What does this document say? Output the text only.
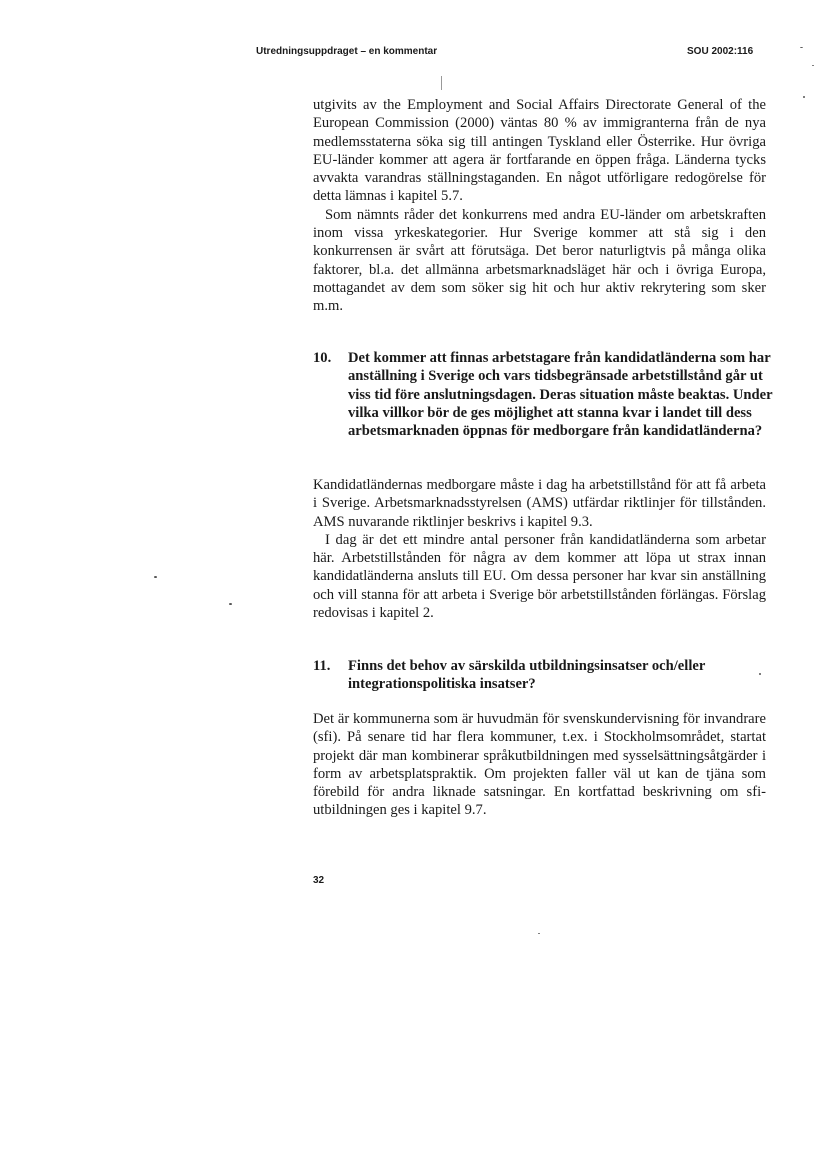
Utredningsuppdraget – en kommentar	SOU 2002:116

utgivits av the Employment and Social Affairs Directorate General of the European Commission (2000) väntas 80 % av immigranterna från de nya medlemsstaterna söka sig till antingen Tyskland eller Österrike. Hur övriga EU-länder kommer att agera är fortfarande en öppen fråga. Länderna tycks avvakta varandras ställningstaganden. En något utförligare redogörelse för detta lämnas i kapitel 5.7.

Som nämnts råder det konkurrens med andra EU-länder om arbetskraften inom vissa yrkeskategorier. Hur Sverige kommer att stå sig i den konkurrensen är svårt att förutsäga. Det beror naturligtvis på många olika faktorer, bl.a. det allmänna arbetsmarknadsläget här och i övriga Europa, mottagandet av dem som söker sig hit och hur aktiv rekrytering som sker m.m.

10. Det kommer att finnas arbetstagare från kandidatländerna som har anställning i Sverige och vars tidsbegränsade arbetstillstånd går ut viss tid före anslutningsdagen. Deras situation måste beaktas. Under vilka villkor bör de ges möjlighet att stanna kvar i landet till dess arbetsmarknaden öppnas för medborgare från kandidatländerna?

Kandidatländernas medborgare måste i dag ha arbetstillstånd för att få arbeta i Sverige. Arbetsmarknadsstyrelsen (AMS) utfärdar riktlinjer för tillstånden. AMS nuvarande riktlinjer beskrivs i kapitel 9.3.

I dag är det ett mindre antal personer från kandidatländerna som arbetar här. Arbetstillstånden för några av dem kommer att löpa ut strax innan kandidatländerna ansluts till EU. Om dessa personer har kvar sin anställning och vill stanna för att arbeta i Sverige bör arbetstillstånden förlängas. Förslag redovisas i kapitel 2.

11. Finns det behov av särskilda utbildningsinsatser och/eller integrationspolitiska insatser?

Det är kommunerna som är huvudmän för svenskundervisning för invandrare (sfi). På senare tid har flera kommuner, t.ex. i Stockholmsområdet, startat projekt där man kombinerar språkutbildningen med sysselsättningsåtgärder i form av arbetsplatspraktik. Om projekten faller väl ut kan de tjäna som förebild för andra liknade satsningar. En kortfattad beskrivning om sfi-utbildningen ges i kapitel 9.7.

32
